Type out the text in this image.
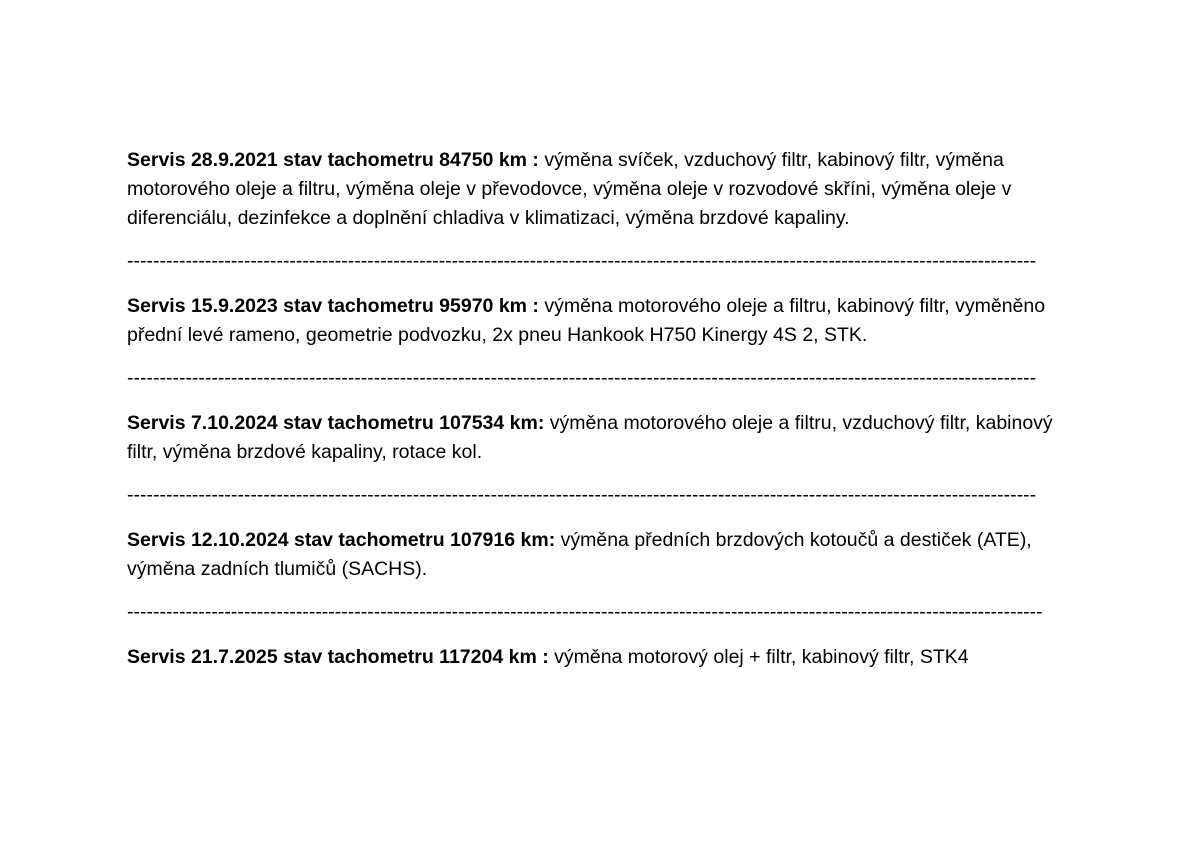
Servis 28.9.2021 stav tachometru 84750 km : výměna svíček, vzduchový filtr, kabinový filtr, výměna motorového oleje a filtru, výměna oleje v převodovce, výměna oleje v rozvodové skříni, výměna oleje v diferenciálu, dezinfekce a doplnění chladiva v klimatizaci, výměna brzdové kapaliny.

--------------------------------------------------------------------------------------------------------------------------------------------

Servis 15.9.2023 stav tachometru 95970 km : výměna motorového oleje a filtru, kabinový filtr, vyměněno přední levé rameno, geometrie podvozku, 2x pneu Hankook H750 Kinergy 4S 2, STK.

--------------------------------------------------------------------------------------------------------------------------------------------

Servis 7.10.2024 stav tachometru 107534 km: výměna motorového oleje a filtru, vzduchový filtr, kabinový filtr, výměna brzdové kapaliny, rotace kol.

--------------------------------------------------------------------------------------------------------------------------------------------

Servis 12.10.2024 stav tachometru 107916 km: výměna předních brzdových kotoučů a destiček (ATE), výměna zadních tlumičů (SACHS).

---------------------------------------------------------------------------------------------------------------------------------------------

Servis 21.7.2025 stav tachometru 117204 km : výměna motorový olej + filtr, kabinový filtr, STK4
